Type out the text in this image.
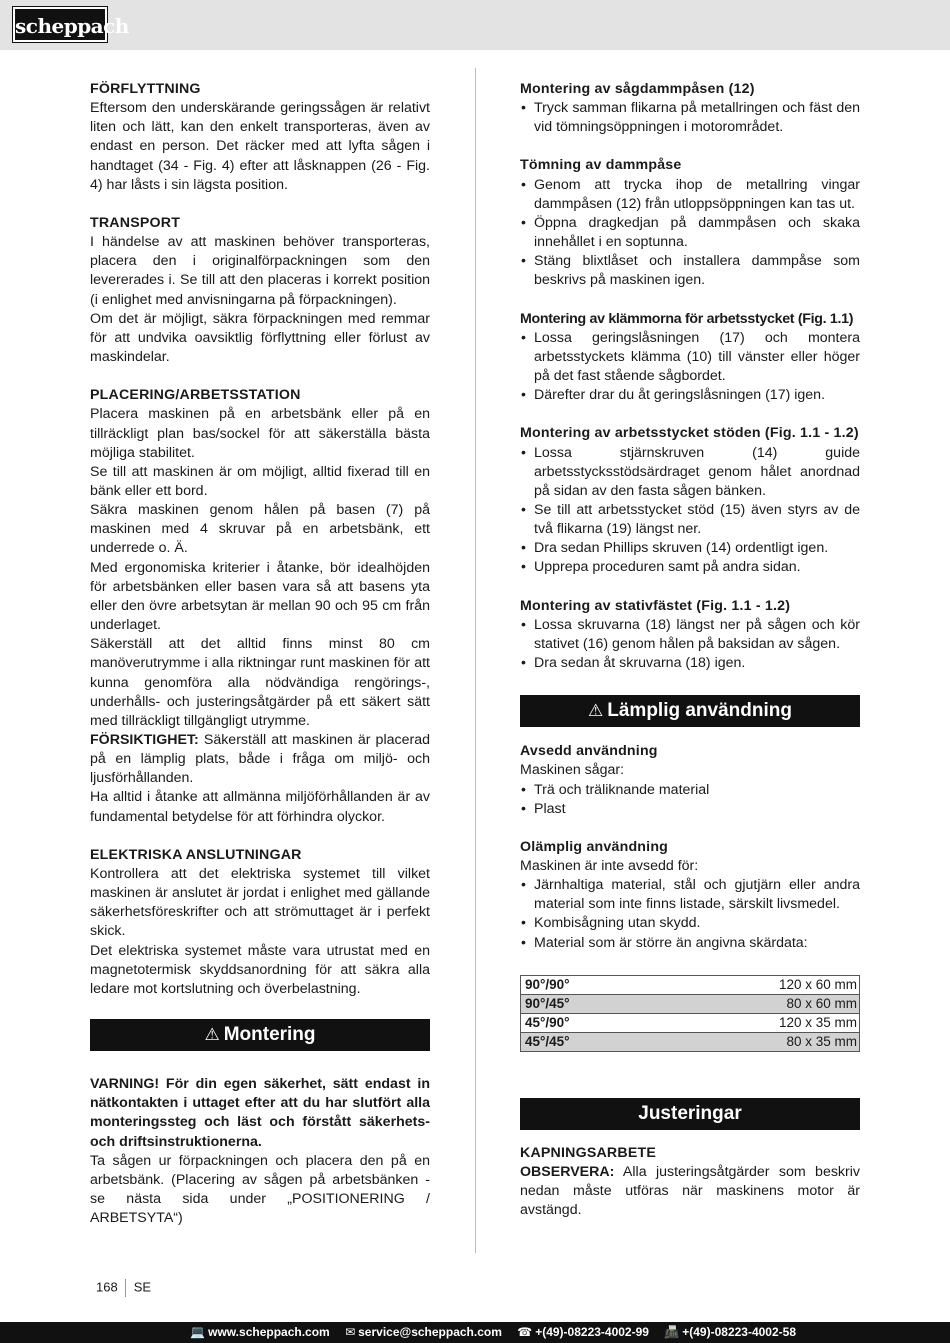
scheppach
FÖRFLYTTNING

Eftersom den underskärande geringssågen är relativt liten och lätt, kan den enkelt transporteras, även av endast en person. Det räcker med att lyfta sågen i handtaget (34 - Fig. 4) efter att låsknappen (26 - Fig. 4) har låsts i sin lägsta position.

TRANSPORT

I händelse av att maskinen behöver transporteras, placera den i originalförpackningen som den levererades i. Se till att den placeras i korrekt position (i enlighet med anvisningarna på förpackningen).

Om det är möjligt, säkra förpackningen med remmar för att undvika oavsiktlig förflyttning eller förlust av maskindelar.

PLACERING/ARBETSSTATION

Placera maskinen på en arbetsbänk eller på en tillräckligt plan bas/sockel för att säkerställa bästa möjliga stabilitet.

Se till att maskinen är om möjligt, alltid fixerad till en bänk eller ett bord.

Säkra maskinen genom hålen på basen (7) på maskinen med 4 skruvar på en arbetsbänk, ett underrede o. Ä.

Med ergonomiska kriterier i åtanke, bör idealhöjden för arbetsbänken eller basen vara så att basens yta eller den övre arbetsytan är mellan 90 och 95 cm från underlaget.

Säkerställ att det alltid finns minst 80 cm manöverutrymme i alla riktningar runt maskinen för att kunna genomföra alla nödvändiga rengörings-, underhålls- och justeringsåtgärder på ett säkert sätt med tillräckligt tillgängligt utrymme.

FÖRSIKTIGHET: Säkerställ att maskinen är placerad på en lämplig plats, både i fråga om miljö- och ljusförhållanden.

Ha alltid i åtanke att allmänna miljöförhållanden är av fundamental betydelse för att förhindra olyckor.

ELEKTRISKA ANSLUTNINGAR

Kontrollera att det elektriska systemet till vilket maskinen är anslutet är jordat i enlighet med gällande säkerhetsföreskrifter och att strömuttaget är i perfekt skick.

Det elektriska systemet måste vara utrustat med en magnetotermisk skyddsanordning för att säkra alla ledare mot kortslutning och överbelastning.

⚠ Montering

VARNING! För din egen säkerhet, sätt endast in nätkontakten i uttaget efter att du har slutfört alla monteringssteg och läst och förstått säkerhets- och driftsinstruktionerna.

Ta sågen ur förpackningen och placera den på en arbetsbänk. (Placering av sågen på arbetsbänken - se nästa sida under „POSITIONERING / ARBETSYTA“)

Montering av sågdammpåsen (12)
• Tryck samman flikarna på metallringen och fäst den vid tömningsöppningen i motorområdet.
Tömning av dammpåse
• Genom att trycka ihop de metallring vingar dammpåsen (12) från utloppsöppningen kan tas ut.
• Öppna dragkedjan på dammpåsen och skaka innehållet i en soptunna.
• Stäng blixtlåset och installera dammpåse som beskrivs på maskinen igen.
Montering av klämmorna för arbetsstycket (Fig. 1.1)
• Lossa geringslåsningen (17) och montera arbetsstyckets klämma (10) till vänster eller höger på det fast stående sågbordet.
• Därefter drar du åt geringslåsningen (17) igen.
Montering av arbetsstycket stöden (Fig. 1.1 - 1.2)
• Lossa stjärnskruven (14) guide arbetsstycksstödsärdraget genom hålet anordnad på sidan av den fasta sågen bänken.
• Se till att arbetsstycket stöd (15) även styrs av de två flikarna (19) längst ner.
• Dra sedan Phillips skruven (14) ordentligt igen.
• Upprepa proceduren samt på andra sidan.
Montering av stativfästet (Fig. 1.1 - 1.2)
• Lossa skruvarna (18) längst ner på sågen och kör stativet (16) genom hålen på baksidan av sågen.
• Dra sedan åt skruvarna (18) igen.
⚠ Lämplig användning
Avsedd användning

Maskinen sågar:

• Trä och träliknande material
• Plast
Olämplig användning

Maskinen är inte avsedd för:

• Järnhaltiga material, stål och gjutjärn eller andra material som inte finns listade, särskilt livsmedel.
• Kombisågning utan skydd.
• Material som är större än angivna skärdata:
90°/90°	120 x 60 mm
90°/45°	80 x 60 mm
45°/90°	120 x 35 mm
45°/45°	80 x 35 mm
Justeringar
KAPNINGSARBETE

OBSERVERA: Alla justeringsåtgärder som beskriv nedan måste utföras när maskinens motor är avstängd.

168 SE
💻 www.scheppach.com ✉ service@scheppach.com ☎ +(49)-08223-4002-99 📠 +(49)-08223-4002-58
